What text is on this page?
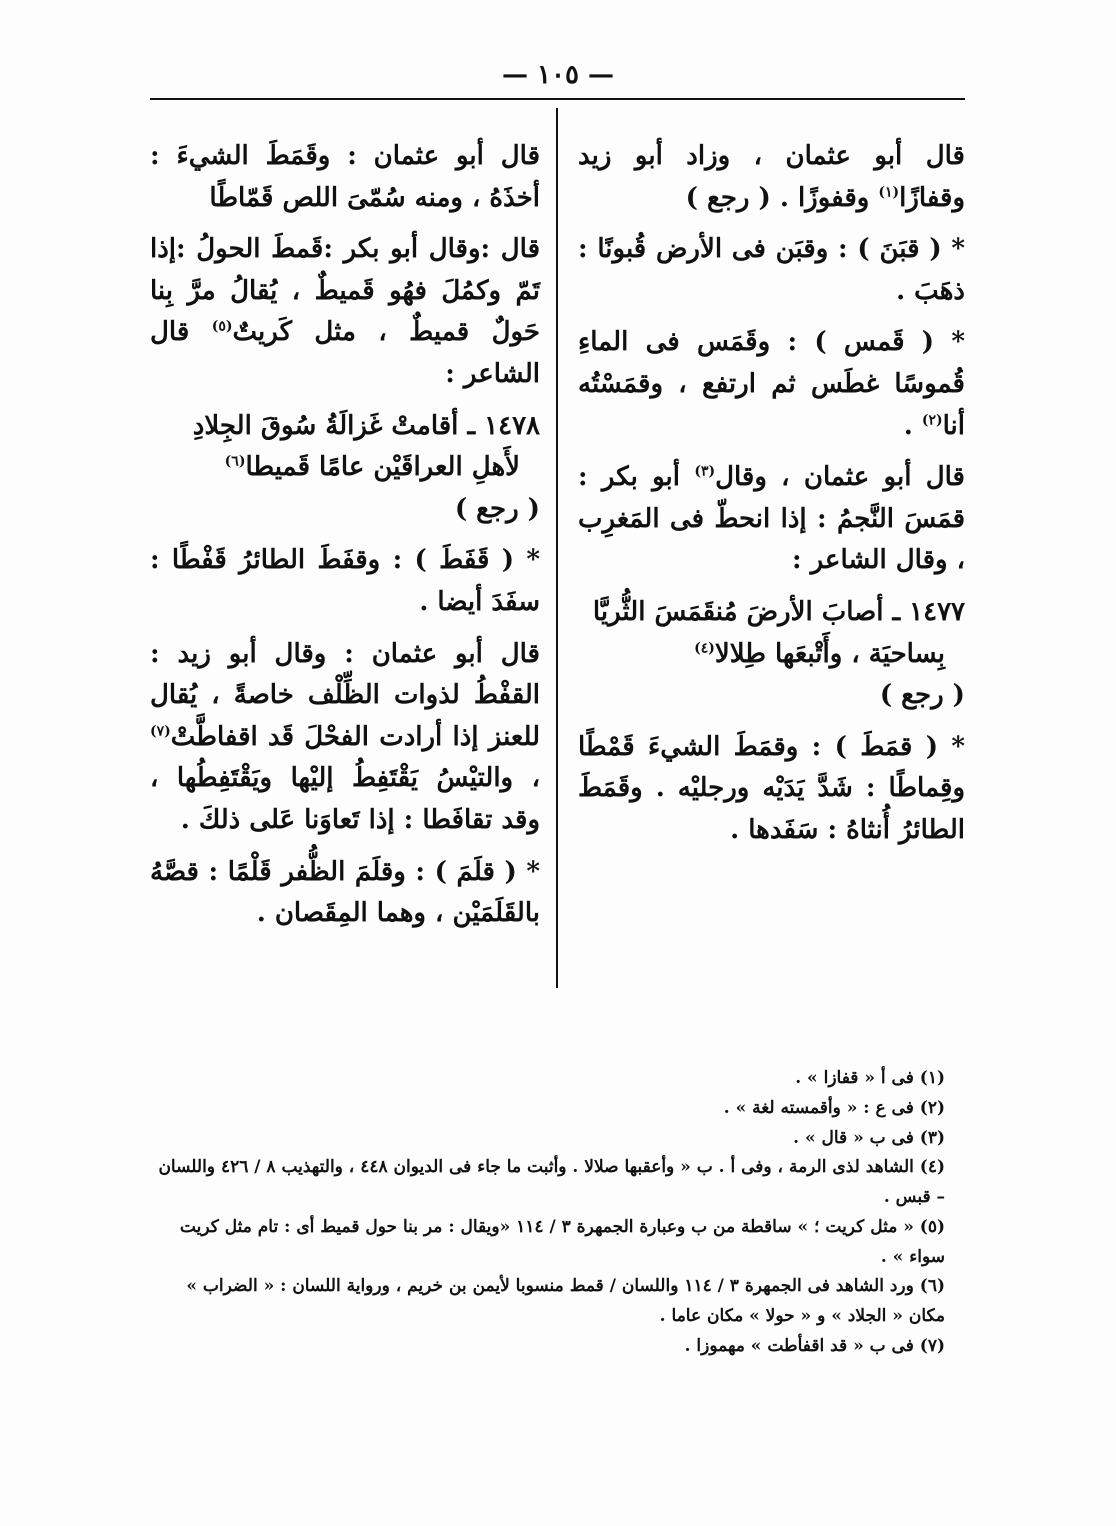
— ١٠٥ —

قال أبو عثمان ، وزاد أبو زيد وقفازًا$^{(١)}$ وقفوزًا . ( رجع )

* ( قبَنَ ) : وقبَن فى الأرض قُبونًا : ذهَبَ .

* ( قَمس ) : وقَمَس فى الماءِ قُموسًا غطَس ثم ارتفع ، وقمَسْتُه أنا$^{(٢)}$ .

قال أبو عثمان ، وقال$^{(٣)}$ أبو بكر : قمَسَ النَّجمُ : إذا انحطّ فى المَغرِب ، وقال الشاعر :

١٤٧٧ ـ أصابَ الأرضَ مُنقَمَسَ الثُّريَّا
بِساحيَة ، وأَتْبعَها طِلالا$^{(٤)}$
( رجع )

* ( قمَطَ ) : وقمَطَ الشيءَ قَمْطًا وقِماطًا : شَدَّ يَدَيْه ورجليْه . وقَمَطَ الطائرُ أُنثاهُ : سَفَدها .

قال أبو عثمان : وقَمَطَ الشيءَ : أخذَهُ ، ومنه سُمّىَ اللص قَمّاطًا

قال :وقال أبو بكر :قَمطَ الحولُ :إذا تَمّ وكمُلَ فهُو قَميطٌ ، يُقالُ مرَّ بِنا حَولٌ قميطٌ ، مثل كَريتٌ$^{(٥)}$ قال الشاعر :

١٤٧٨ ـ أقامتْ غَزالَةُ سُوقَ الجِلادِ
لأَهلِ العراقَيْن عامًا قَميطا$^{(٦)}$
( رجع )

* ( قَفَطَ ) : وقفَطَ الطائرُ قَفْطًا : سفَدَ أيضا .

قال أبو عثمان : وقال أبو زيد : القفْطُ لذوات الظِّلْف خاصةً ، يُقال للعنز إذا أرادت الفحْلَ قَد اقفاطَّتْ$^{(٧)}$ ، والتيْسُ يَقْتَفِطُ إليْها ويَقْتَفِطُها ، وقد تقافَطا : إذا تَعاوَنا عَلى ذلكَ .

* ( قلَمَ ) : وقلَمَ الظُّفر قَلْمًا : قصَّهُ بالقَلَمَيْن ، وهما المِقَصان .

(١) فى أ « قفازا » .
(٢) فى ع : « وأقمسته لغة » .
(٣) فى ب « قال » .
(٤) الشاهد لذى الرمة ، وفى أ . ب « وأعقبها صلالا . وأثبت ما جاء فى الديوان ٤٤٨ ، والتهذيب ٨ / ٤٢٦ واللسان – قبس .
(٥) « مثل كريت ؛ » ساقطة من ب وعبارة الجمهرة ٣ / ١١٤ «ويقال : مر بنا حول قميط أى : تام مثل كريت سواء » .
(٦) ورد الشاهد فى الجمهرة ٣ / ١١٤ واللسان / قمط منسوبا لأيمن بن خريم ، ورواية اللسان : « الضراب » مكان « الجلاد » و « حولا » مكان عاما .
(٧) فى ب « قد اقفأطت » مهموزا .
